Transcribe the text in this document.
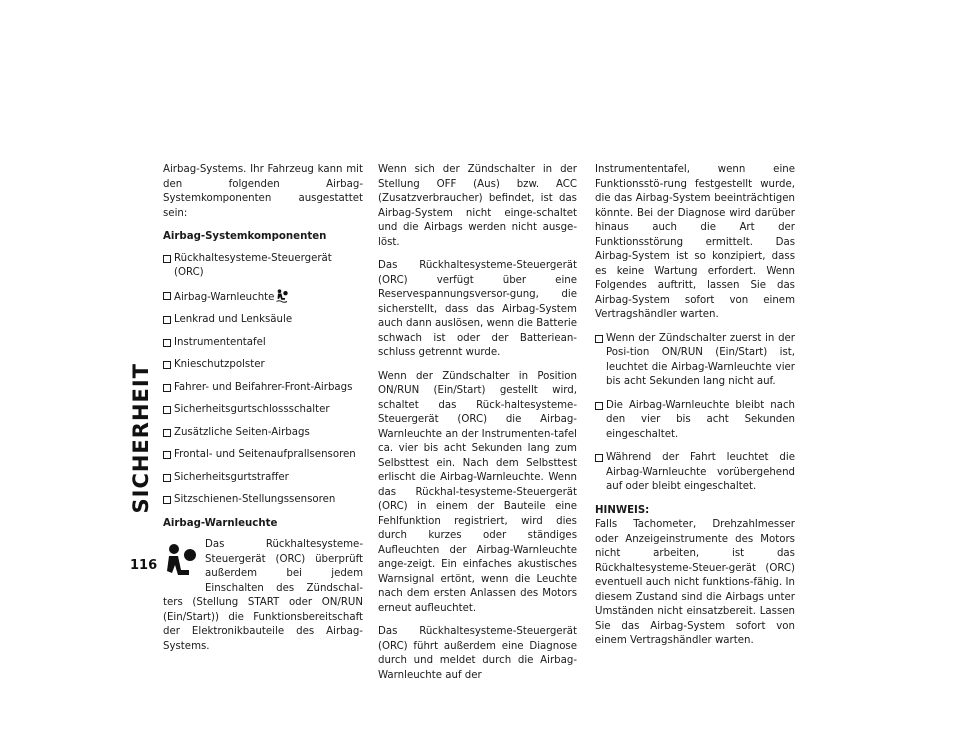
SICHERHEIT
116

Airbag-Systems. Ihr Fahrzeug kann mit den folgenden Airbag-Systemkomponenten ausgestattet sein:

Airbag-Systemkomponenten
Rückhaltesysteme-Steuergerät (ORC)
Airbag-Warnleuchte
Lenkrad und Lenksäule
Instrumententafel
Knieschutzpolster
Fahrer- und Beifahrer-Front-Airbags
Sicherheitsgurtschlossschalter
Zusätzliche Seiten-Airbags
Frontal- und Seitenaufprallsensoren
Sicherheitsgurtstraffer
Sitzschienen-Stellungssensoren
Airbag-Warnleuchte

Das Rückhaltesysteme-Steuergerät (ORC) überprüft außerdem bei jedem Einschalten des Zündschal-ters (Stellung START oder ON/RUN (Ein/Start)) die Funktionsbereitschaft der Elektronikbauteile des Airbag-Systems.

Wenn sich der Zündschalter in der Stellung OFF (Aus) bzw. ACC (Zusatzverbraucher) befindet, ist das Airbag-System nicht einge-schaltet und die Airbags werden nicht ausge-löst.

Das Rückhaltesysteme-Steuergerät (ORC) verfügt über eine Reservespannungsversor-gung, die sicherstellt, dass das Airbag-System auch dann auslösen, wenn die Batterie schwach ist oder der Batteriean-schluss getrennt wurde.

Wenn der Zündschalter in Position ON/RUN (Ein/Start) gestellt wird, schaltet das Rück-haltesysteme-Steuergerät (ORC) die Airbag-Warnleuchte an der Instrumenten-tafel ca. vier bis acht Sekunden lang zum Selbsttest ein. Nach dem Selbsttest erlischt die Airbag-Warnleuchte. Wenn das Rückhal-tesysteme-Steuergerät (ORC) in einem der Bauteile eine Fehlfunktion registriert, wird dies durch kurzes oder ständiges Aufleuchten der Airbag-Warnleuchte ange-zeigt. Ein einfaches akustisches Warnsignal ertönt, wenn die Leuchte nach dem ersten Anlassen des Motors erneut aufleuchtet.

Das Rückhaltesysteme-Steuergerät (ORC) führt außerdem eine Diagnose durch und meldet durch die Airbag-Warnleuchte auf der

Instrumententafel, wenn eine Funktionsstö-rung festgestellt wurde, die das Airbag-System beeinträchtigen könnte. Bei der Diagnose wird darüber hinaus auch die Art der Funktionsstörung ermittelt. Das Airbag-System ist so konzipiert, dass es keine Wartung erfordert. Wenn Folgendes auftritt, lassen Sie das Airbag-System sofort von einem Vertragshändler warten.

Wenn der Zündschalter zuerst in der Posi-tion ON/RUN (Ein/Start) ist, leuchtet die Airbag-Warnleuchte vier bis acht Sekunden lang nicht auf.
Die Airbag-Warnleuchte bleibt nach den vier bis acht Sekunden eingeschaltet.
Während der Fahrt leuchtet die Airbag-Warnleuchte vorübergehend auf oder bleibt eingeschaltet.
HINWEIS:

Falls Tachometer, Drehzahlmesser oder Anzeigeinstrumente des Motors nicht arbeiten, ist das Rückhaltesysteme-Steuer-gerät (ORC) eventuell auch nicht funktions-fähig. In diesem Zustand sind die Airbags unter Umständen nicht einsatzbereit. Lassen Sie das Airbag-System sofort von einem Vertragshändler warten.
